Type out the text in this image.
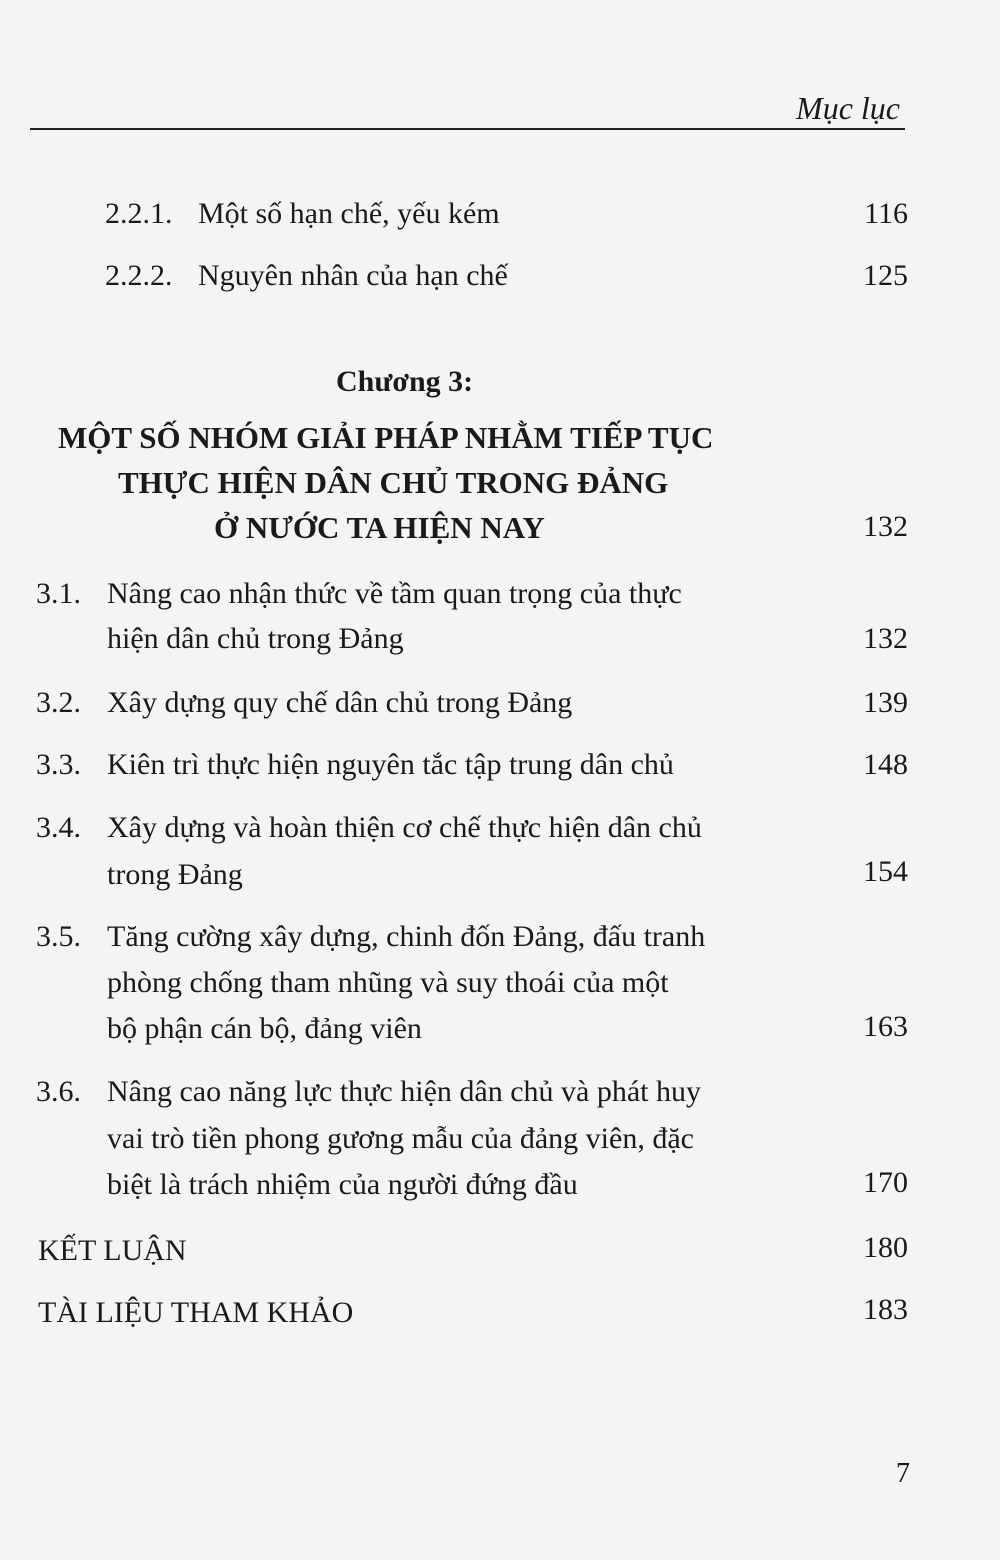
Mục lục
2.2.1. Một số hạn chế, yếu kém	116
2.2.2. Nguyên nhân của hạn chế	125
Chương 3:
MỘT SỐ NHÓM GIẢI PHÁP NHẰM TIẾP TỤC
THỰC HIỆN DÂN CHỦ TRONG ĐẢNG
Ở NƯỚC TA HIỆN NAY	132
3.1. Nâng cao nhận thức về tầm quan trọng của thực
hiện dân chủ trong Đảng	132
3.2. Xây dựng quy chế dân chủ trong Đảng	139
3.3. Kiên trì thực hiện nguyên tắc tập trung dân chủ	148
3.4. Xây dựng và hoàn thiện cơ chế thực hiện dân chủ
trong Đảng	154
3.5. Tăng cường xây dựng, chinh đốn Đảng, đấu tranh
phòng chống tham nhũng và suy thoái của một
bộ phận cán bộ, đảng viên	163
3.6. Nâng cao năng lực thực hiện dân chủ và phát huy
vai trò tiền phong gương mẫu của đảng viên, đặc
biệt là trách nhiệm của người đứng đầu	170
KẾT LUẬN	180
TÀI LIỆU THAM KHẢO	183
7
